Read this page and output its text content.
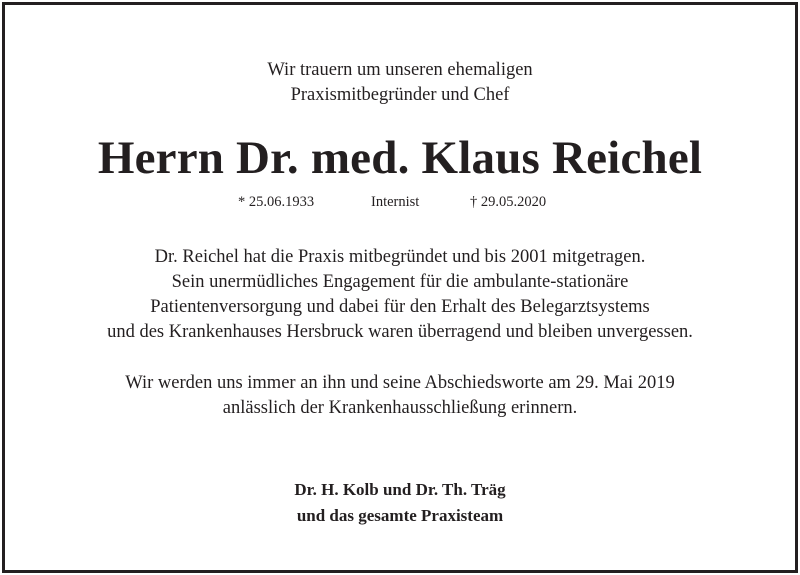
Wir trauern um unseren ehemaligen
Praxismitbegründer und Chef
Herrn Dr. med. Klaus Reichel
* 25.06.1933	Internist	† 29.05.2020
Dr. Reichel hat die Praxis mitbegründet und bis 2001 mitgetragen.
Sein unermüdliches Engagement für die ambulante-stationäre
Patientenversorgung und dabei für den Erhalt des Belegarztsystems
und des Krankenhauses Hersbruck waren überragend und bleiben unvergessen.
Wir werden uns immer an ihn und seine Abschiedsworte am 29. Mai 2019
anlässlich der Krankenhausschließung erinnern.
Dr. H. Kolb und Dr. Th. Träg
und das gesamte Praxisteam
